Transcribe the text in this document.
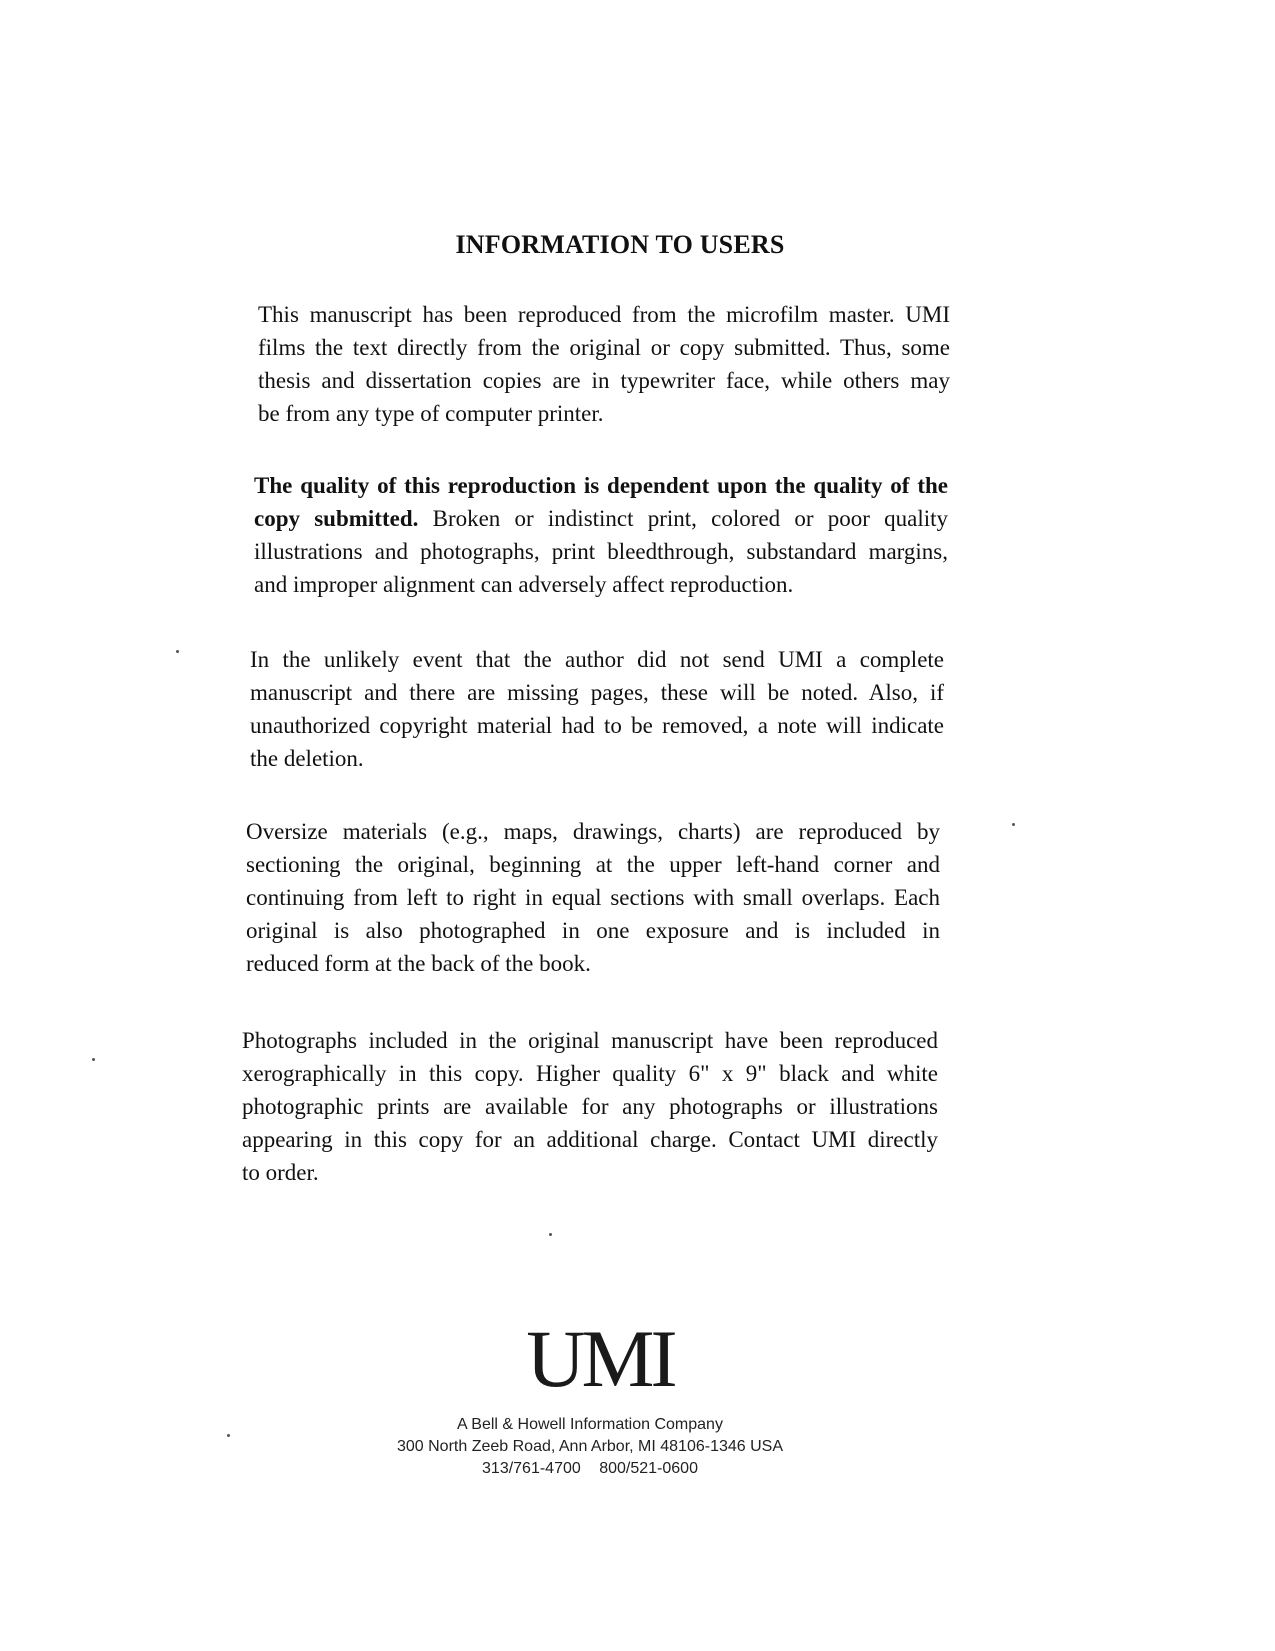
INFORMATION TO USERS
This manuscript has been reproduced from the microfilm master. UMI
films the text directly from the original or copy submitted. Thus, some
thesis and dissertation copies are in typewriter face, while others may
be from any type of computer printer.
The quality of this reproduction is dependent upon the quality of the
copy submitted. Broken or indistinct print, colored or poor quality
illustrations and photographs, print bleedthrough, substandard margins,
and improper alignment can adversely affect reproduction.
In the unlikely event that the author did not send UMI a complete
manuscript and there are missing pages, these will be noted. Also, if
unauthorized copyright material had to be removed, a note will indicate
the deletion.
Oversize materials (e.g., maps, drawings, charts) are reproduced by
sectioning the original, beginning at the upper left-hand corner and
continuing from left to right in equal sections with small overlaps. Each
original is also photographed in one exposure and is included in
reduced form at the back of the book.
Photographs included in the original manuscript have been reproduced
xerographically in this copy. Higher quality 6" x 9" black and white
photographic prints are available for any photographs or illustrations
appearing in this copy for an additional charge. Contact UMI directly
to order.
UMI
A Bell & Howell Information Company
300 North Zeeb Road, Ann Arbor, MI 48106-1346 USA
313/761-4700 800/521-0600
